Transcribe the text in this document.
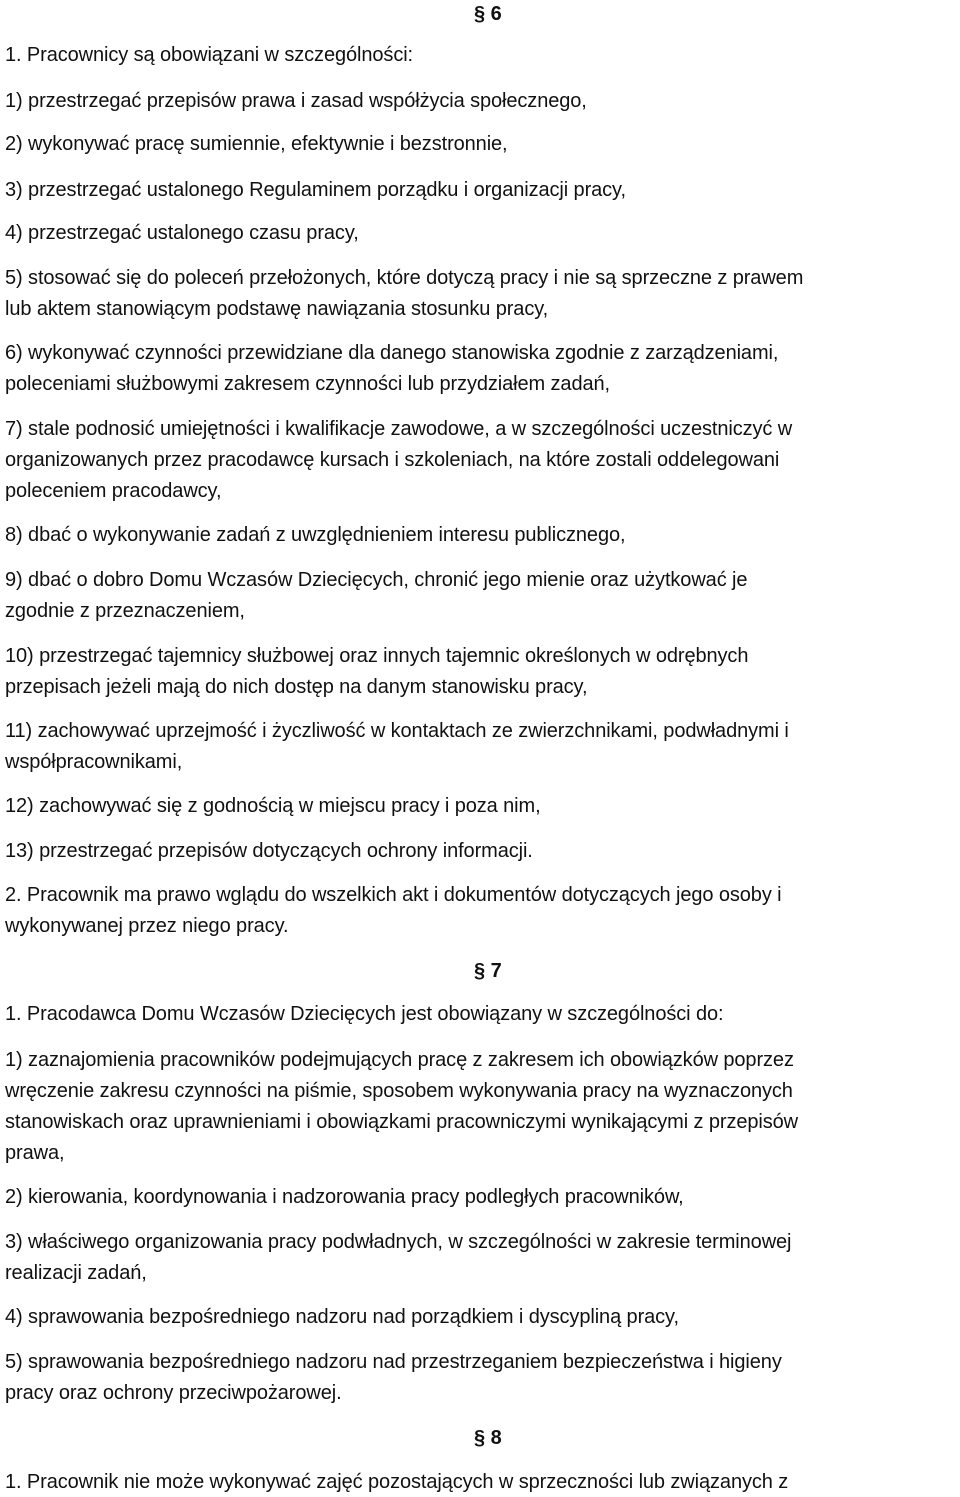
§ 6
1. Pracownicy są obowiązani w szczególności:
1) przestrzegać przepisów prawa i zasad współżycia społecznego,
2) wykonywać pracę sumiennie, efektywnie i bezstronnie,
3) przestrzegać ustalonego Regulaminem porządku i organizacji pracy,
4) przestrzegać ustalonego czasu pracy,
5) stosować się do poleceń przełożonych, które dotyczą pracy i nie są sprzeczne z prawem
lub aktem stanowiącym podstawę nawiązania stosunku pracy,
6) wykonywać czynności przewidziane dla danego stanowiska zgodnie z zarządzeniami,
poleceniami służbowymi zakresem czynności lub przydziałem zadań,
7) stale podnosić umiejętności i kwalifikacje zawodowe, a w szczególności uczestniczyć w
organizowanych przez pracodawcę kursach i szkoleniach, na które zostali oddelegowani
poleceniem pracodawcy,
8) dbać o wykonywanie zadań z uwzględnieniem interesu publicznego,
9) dbać o dobro Domu Wczasów Dziecięcych, chronić jego mienie oraz użytkować je
zgodnie z przeznaczeniem,
10) przestrzegać tajemnicy służbowej oraz innych tajemnic określonych w odrębnych
przepisach jeżeli mają do nich dostęp na danym stanowisku pracy,
11) zachowywać uprzejmość i życzliwość w kontaktach ze zwierzchnikami, podwładnymi i
współpracownikami,
12) zachowywać się z godnością w miejscu pracy i poza nim,
13) przestrzegać przepisów dotyczących ochrony informacji.
2. Pracownik ma prawo wglądu do wszelkich akt i dokumentów dotyczących jego osoby i
wykonywanej przez niego pracy.
§ 7
1. Pracodawca Domu Wczasów Dziecięcych jest obowiązany w szczególności do:
1) zaznajomienia pracowników podejmujących pracę z zakresem ich obowiązków poprzez
wręczenie zakresu czynności na piśmie, sposobem wykonywania pracy na wyznaczonych
stanowiskach oraz uprawnieniami i obowiązkami pracowniczymi wynikającymi z przepisów
prawa,
2) kierowania, koordynowania i nadzorowania pracy podległych pracowników,
3) właściwego organizowania pracy podwładnych, w szczególności w zakresie terminowej
realizacji zadań,
4) sprawowania bezpośredniego nadzoru nad porządkiem i dyscypliną pracy,
5) sprawowania bezpośredniego nadzoru nad przestrzeganiem bezpieczeństwa i higieny
pracy oraz ochrony przeciwpożarowej.
§ 8
1. Pracownik nie może wykonywać zajęć pozostających w sprzeczności lub związanych z
